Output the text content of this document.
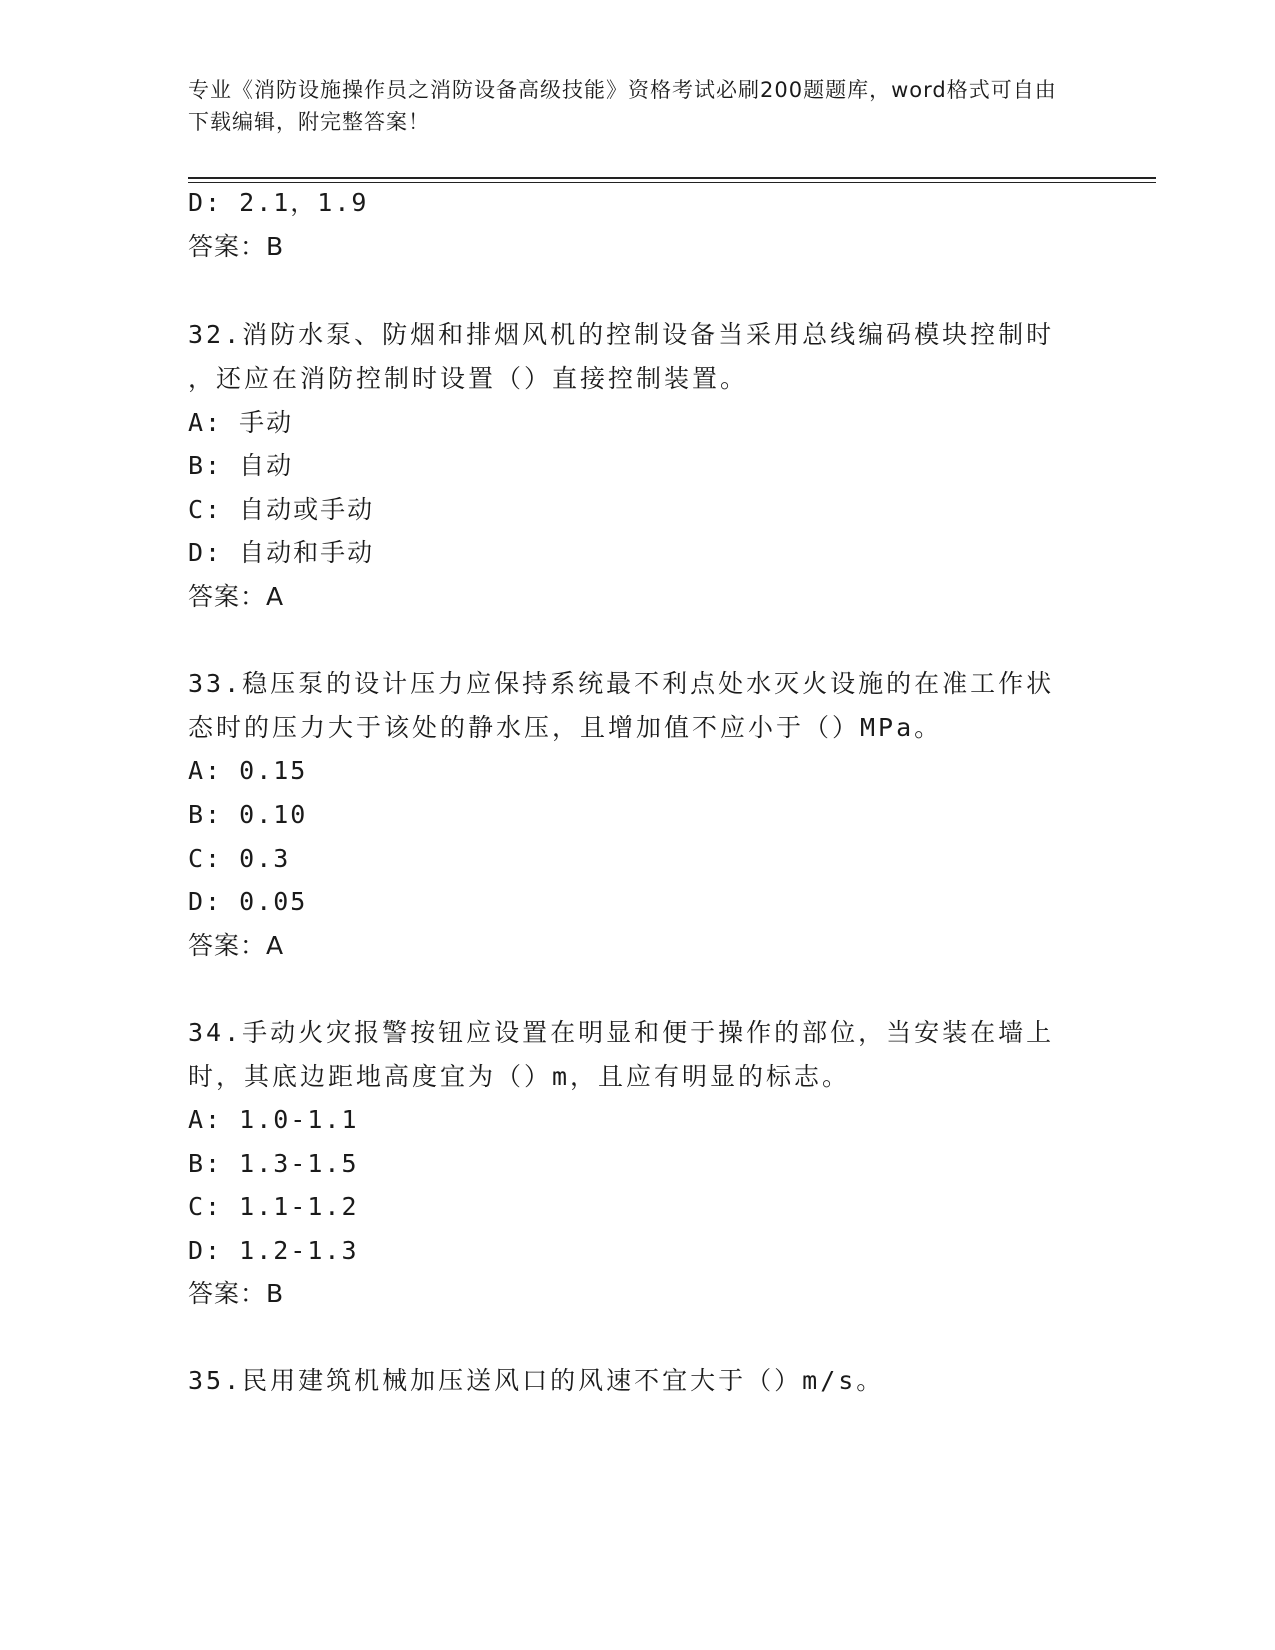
专业《消防设施操作员之消防设备高级技能》资格考试必刷200题题库，word格式可自由下载编辑，附完整答案！
D: 2.1，1.9
答案：B
32.消防水泵、防烟和排烟风机的控制设备当采用总线编码模块控制时
，还应在消防控制时设置（）直接控制装置。
A: 手动
B: 自动
C: 自动或手动
D: 自动和手动
答案：A
33.稳压泵的设计压力应保持系统最不利点处水灭火设施的在准工作状
态时的压力大于该处的静水压，且增加值不应小于（）MPa。
A: 0.15
B: 0.10
C: 0.3
D: 0.05
答案：A
34.手动火灾报警按钮应设置在明显和便于操作的部位，当安装在墙上
时，其底边距地高度宜为（）m，且应有明显的标志。
A: 1.0-1.1
B: 1.3-1.5
C: 1.1-1.2
D: 1.2-1.3
答案：B
35.民用建筑机械加压送风口的风速不宜大于（）m/s。
